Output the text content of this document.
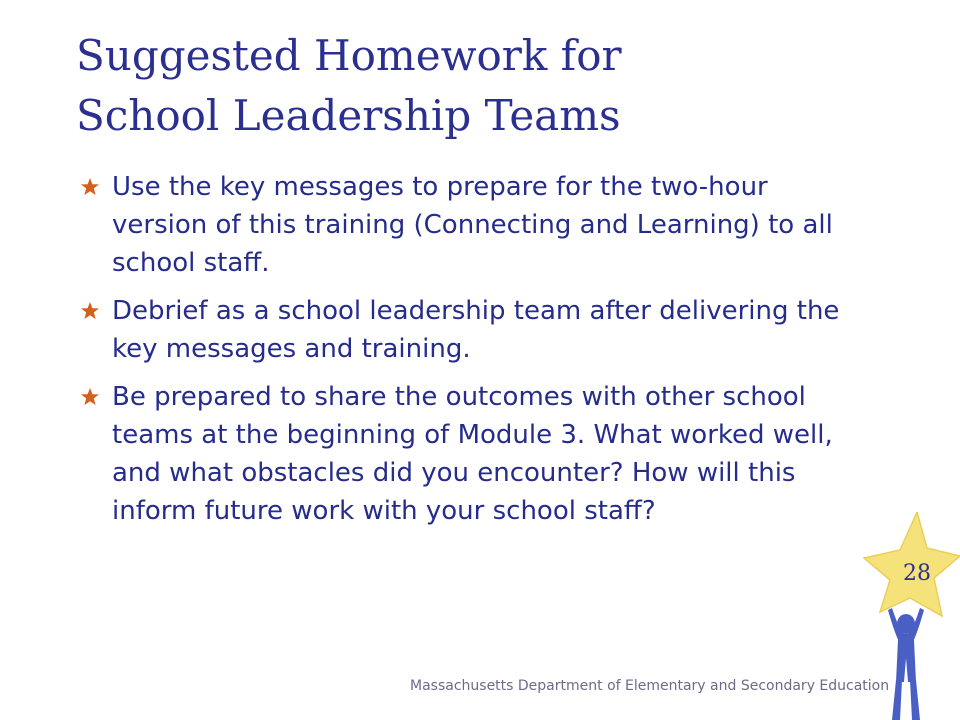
Suggested Homework for
School Leadership Teams
Use the key messages to prepare for the two-hour version of this training (Connecting and Learning) to all school staff.
Debrief as a school leadership team after delivering the key messages and training.
Be prepared to share the outcomes with other school teams at the beginning of Module 3. What worked well, and what obstacles did you encounter? How will this inform future work with your school staff?
Massachusetts Department of Elementary and Secondary Education
28
